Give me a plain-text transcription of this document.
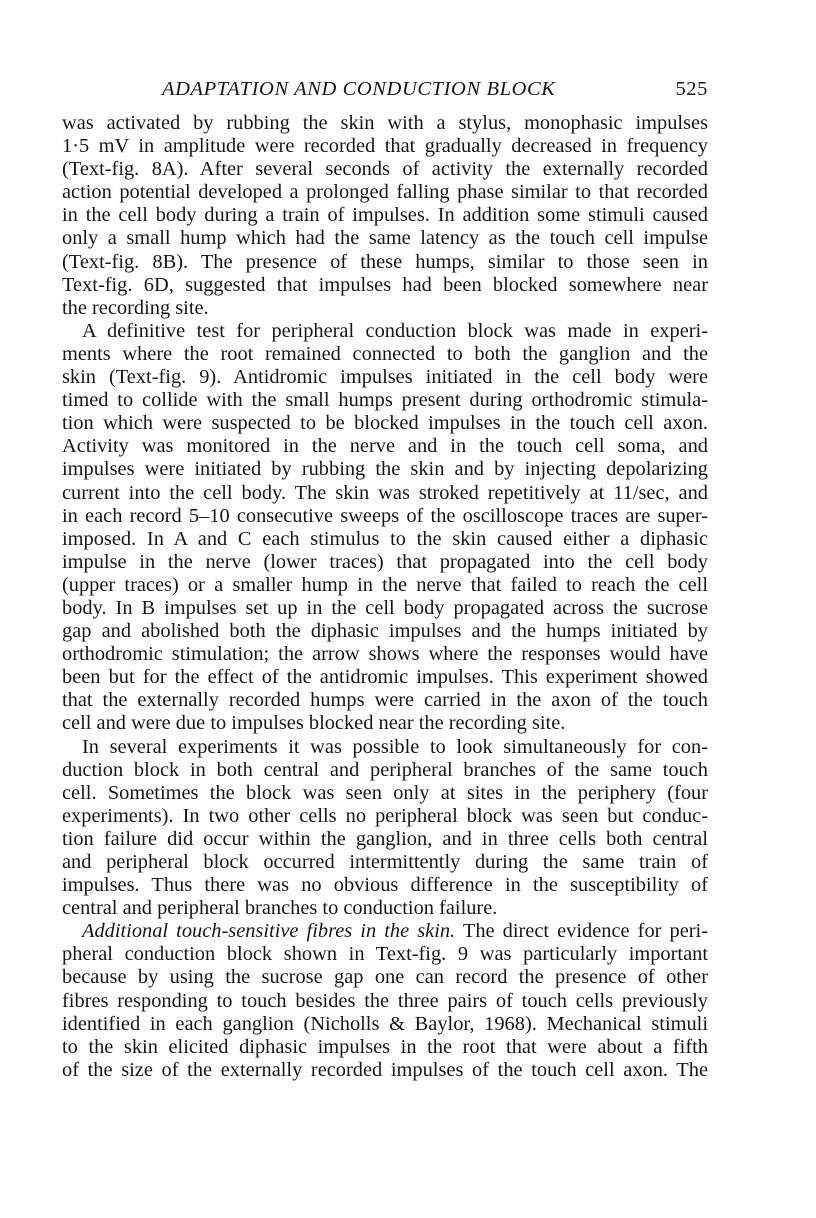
ADAPTATION AND CONDUCTION BLOCK	525
was activated by rubbing the skin with a stylus, monophasic impulses
1·5 mV in amplitude were recorded that gradually decreased in frequency
(Text-fig. 8A). After several seconds of activity the externally recorded
action potential developed a prolonged falling phase similar to that recorded
in the cell body during a train of impulses. In addition some stimuli caused
only a small hump which had the same latency as the touch cell impulse
(Text-fig. 8B). The presence of these humps, similar to those seen in
Text-fig. 6D, suggested that impulses had been blocked somewhere near
the recording site.
A definitive test for peripheral conduction block was made in experi-
ments where the root remained connected to both the ganglion and the
skin (Text-fig. 9). Antidromic impulses initiated in the cell body were
timed to collide with the small humps present during orthodromic stimula-
tion which were suspected to be blocked impulses in the touch cell axon.
Activity was monitored in the nerve and in the touch cell soma, and
impulses were initiated by rubbing the skin and by injecting depolarizing
current into the cell body. The skin was stroked repetitively at 11/sec, and
in each record 5–10 consecutive sweeps of the oscilloscope traces are super-
imposed. In A and C each stimulus to the skin caused either a diphasic
impulse in the nerve (lower traces) that propagated into the cell body
(upper traces) or a smaller hump in the nerve that failed to reach the cell
body. In B impulses set up in the cell body propagated across the sucrose
gap and abolished both the diphasic impulses and the humps initiated by
orthodromic stimulation; the arrow shows where the responses would have
been but for the effect of the antidromic impulses. This experiment showed
that the externally recorded humps were carried in the axon of the touch
cell and were due to impulses blocked near the recording site.
In several experiments it was possible to look simultaneously for con-
duction block in both central and peripheral branches of the same touch
cell. Sometimes the block was seen only at sites in the periphery (four
experiments). In two other cells no peripheral block was seen but conduc-
tion failure did occur within the ganglion, and in three cells both central
and peripheral block occurred intermittently during the same train of
impulses. Thus there was no obvious difference in the susceptibility of
central and peripheral branches to conduction failure.
Additional touch-sensitive fibres in the skin. The direct evidence for peri-
pheral conduction block shown in Text-fig. 9 was particularly important
because by using the sucrose gap one can record the presence of other
fibres responding to touch besides the three pairs of touch cells previously
identified in each ganglion (Nicholls & Baylor, 1968). Mechanical stimuli
to the skin elicited diphasic impulses in the root that were about a fifth
of the size of the externally recorded impulses of the touch cell axon. The
